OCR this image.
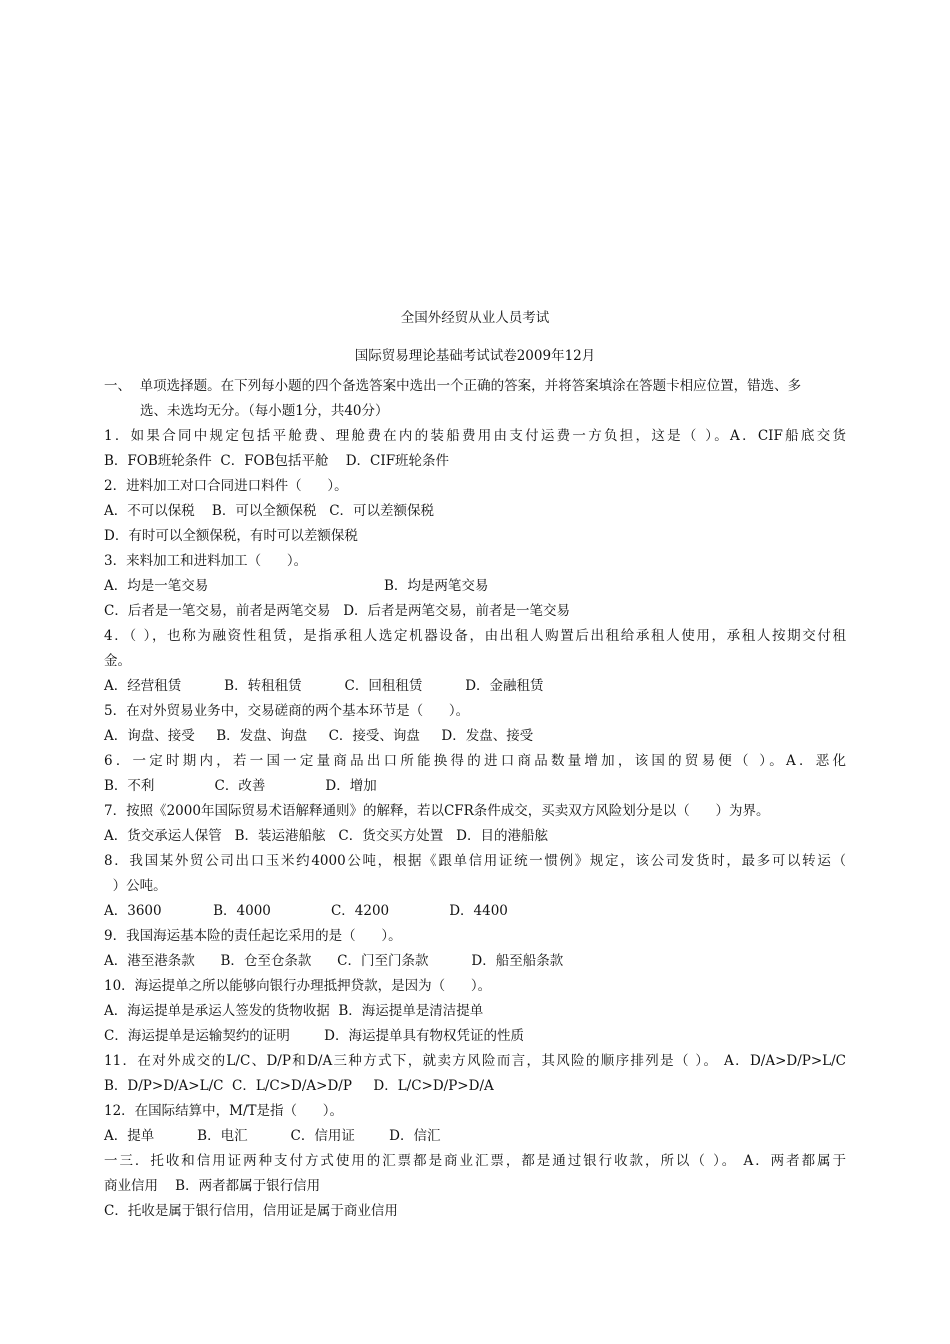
全国外经贸从业人员考试
国际贸易理论基础考试试卷2009年12月
一、  单项选择题。在下列每小题的四个备选答案中选出一个正确的答案，并将答案填涂在答题卡相应位置，错选、多
选、未选均无分。（每小题1分，共40分）
1．如果合同中规定包括平舱费、理舱费在内的装船费用由支付运费一方负担，这是（ ）。A．CIF船底交货
B．FOB班轮条件  C．FOB包括平舱    D．CIF班轮条件
2．进料加工对口合同进口料件（      ）。
A．不可以保税    B．可以全额保税   C．可以差额保税
D．有时可以全额保税，有时可以差额保税
3．来料加工和进料加工（      ）。
A．均是一笔交易	B．均是两笔交易
C．后者是一笔交易，前者是两笔交易   D．后者是两笔交易，前者是一笔交易
4．（ ），也称为融资性租赁，是指承租人选定机器设备，由出租人购置后出租给承租人使用，承租人按期交付租
金。
A．经营租赁          B．转租租赁          C．回租租赁          D．金融租赁
5．在对外贸易业务中，交易磋商的两个基本环节是（      ）。
A．询盘、接受     B．发盘、询盘     C．接受、询盘     D．发盘、接受
6．一定时期内，若一国一定量商品出口所能换得的进口商品数量增加，该国的贸易便（ ）。A．恶化
B．不利              C．改善              D．增加
7．按照《2000年国际贸易术语解释通则》的解释，若以CFR条件成交，买卖双方风险划分是以（      ）为界。
A．货交承运人保管   B．装运港船舷   C．货交买方处置   D．目的港船舷
8．我国某外贸公司出口玉米约4000公吨，根据《跟单信用证统一惯例》规定，该公司发货时，最多可以转运（
）公吨。
A．3600            B．4000              C．4200              D．4400
9．我国海运基本险的责任起讫采用的是（      ）。
A．港至港条款      B．仓至仓条款      C．门至门条款          D．船至船条款
10．海运提单之所以能够向银行办理抵押贷款，是因为（      ）。
A．海运提单是承运人签发的货物收据  B．海运提单是清洁提单
C．海运提单是运输契约的证明        D．海运提单具有物权凭证的性质
11．在对外成交的L/C、D/P和D/A三种方式下，就卖方风险而言，其风险的顺序排列是（ ）。 A．D/A>D/P>L/C
B．D/P>D/A>L/C  C．L/C>D/A>D/P     D．L/C>D/P>D/A
12．在国际结算中，M/T是指（      ）。
A．提单          B．电汇          C．信用证        D．信汇
一三．托收和信用证两种支付方式使用的汇票都是商业汇票，都是通过银行收款，所以（ ）。 A．两者都属于
商业信用    B．两者都属于银行信用
C．托收是属于银行信用，信用证是属于商业信用
